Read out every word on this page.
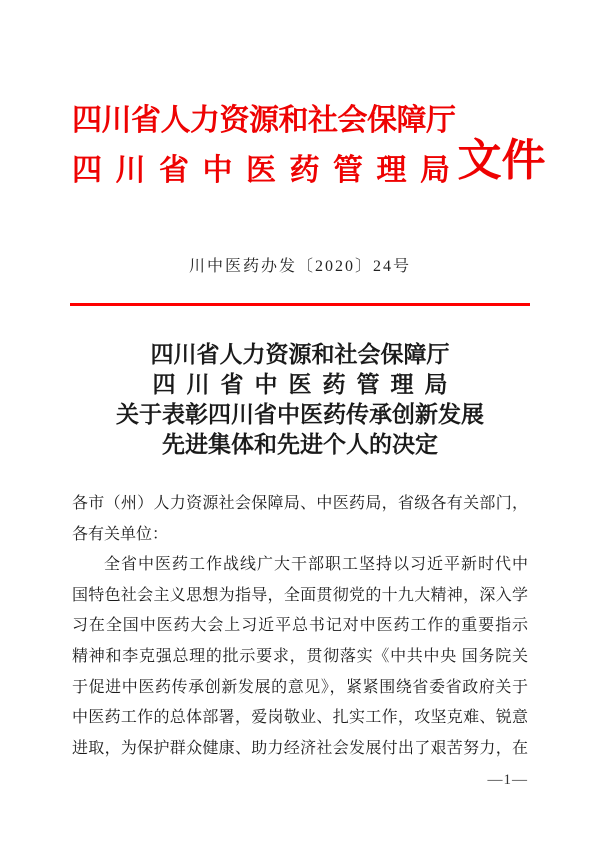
四川省人力资源和社会保障厅
四川省中医药管理局
文件
川中医药办发〔2020〕24号
四川省人力资源和社会保障厅
四川省中医药管理局
关于表彰四川省中医药传承创新发展
先进集体和先进个人的决定
各市（州）人力资源社会保障局、中医药局，省级各有关部门，
各有关单位：
全省中医药工作战线广大干部职工坚持以习近平新时代中
国特色社会主义思想为指导，全面贯彻党的十九大精神，深入学
习在全国中医药大会上习近平总书记对中医药工作的重要指示
精神和李克强总理的批示要求，贯彻落实《中共中央 国务院关
于促进中医药传承创新发展的意见》，紧紧围绕省委省政府关于
中医药工作的总体部署，爱岗敬业、扎实工作，攻坚克难、锐意
进取，为保护群众健康、助力经济社会发展付出了艰苦努力，在
—1—
